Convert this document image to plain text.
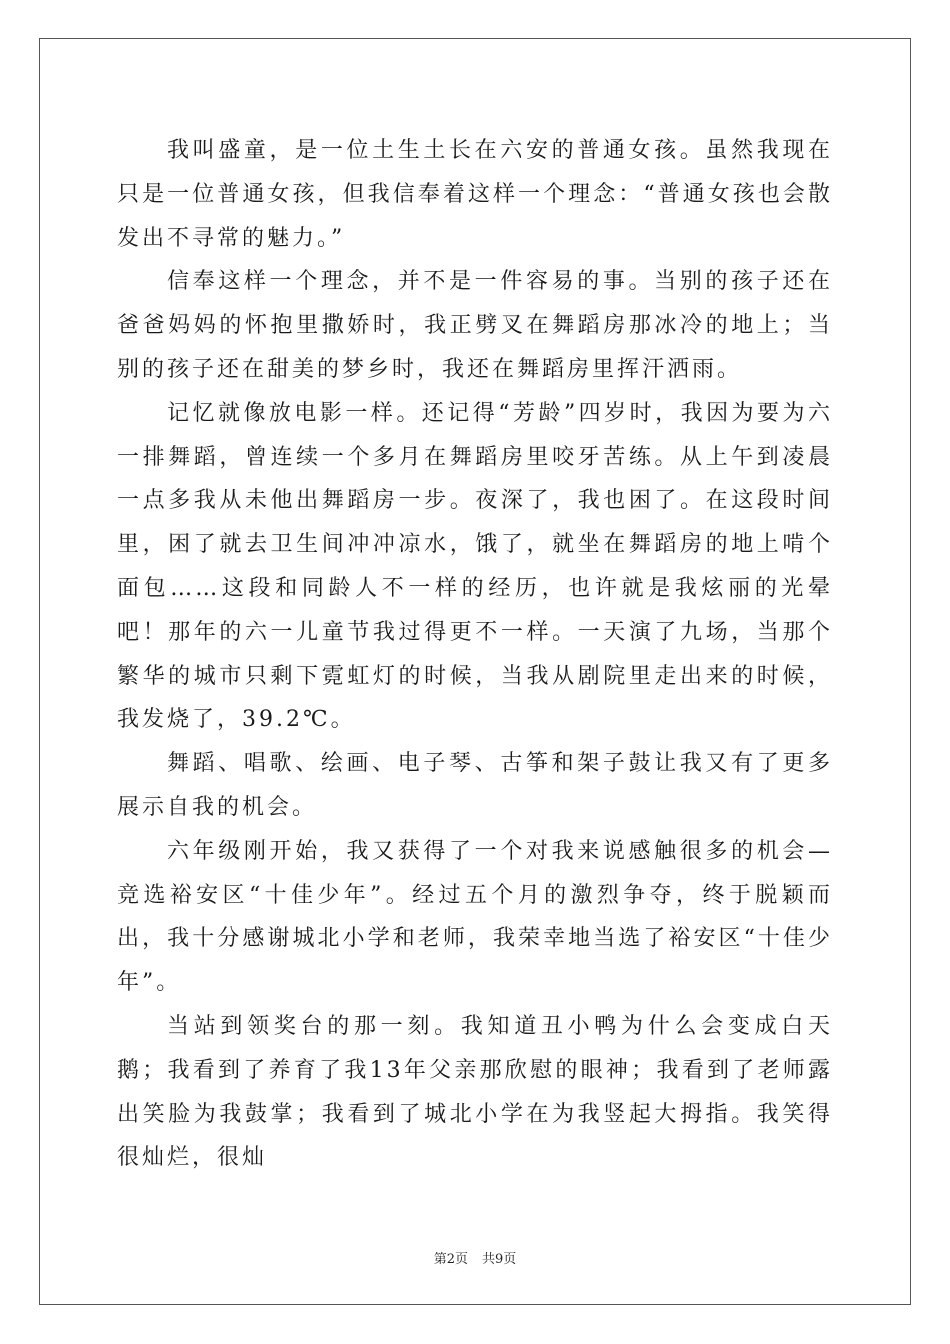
我叫盛童，是一位土生土长在六安的普通女孩。虽然我现在只是一位普通女孩，但我信奉着这样一个理念：“普通女孩也会散发出不寻常的魅力。”

信奉这样一个理念，并不是一件容易的事。当别的孩子还在爸爸妈妈的怀抱里撒娇时，我正劈叉在舞蹈房那冰冷的地上；当别的孩子还在甜美的梦乡时，我还在舞蹈房里挥汗洒雨。

记忆就像放电影一样。还记得“芳龄”四岁时，我因为要为六一排舞蹈，曾连续一个多月在舞蹈房里咬牙苦练。从上午到凌晨一点多我从未他出舞蹈房一步。夜深了，我也困了。在这段时间里，困了就去卫生间冲冲凉水，饿了，就坐在舞蹈房的地上啃个面包……这段和同龄人不一样的经历，也许就是我炫丽的光晕吧！那年的六一儿童节我过得更不一样。一天演了九场，当那个繁华的城市只剩下霓虹灯的时候，当我从剧院里走出来的时候，我发烧了，39.2℃。

舞蹈、唱歌、绘画、电子琴、古筝和架子鼓让我又有了更多展示自我的机会。

六年级刚开始，我又获得了一个对我来说感触很多的机会—竞选裕安区“十佳少年”。经过五个月的激烈争夺，终于脱颖而出，我十分感谢城北小学和老师，我荣幸地当选了裕安区“十佳少年”。

当站到领奖台的那一刻。我知道丑小鸭为什么会变成白天鹅；我看到了养育了我13年父亲那欣慰的眼神；我看到了老师露出笑脸为我鼓掌；我看到了城北小学在为我竖起大拇指。我笑得很灿烂，很灿

第2页 共9页
